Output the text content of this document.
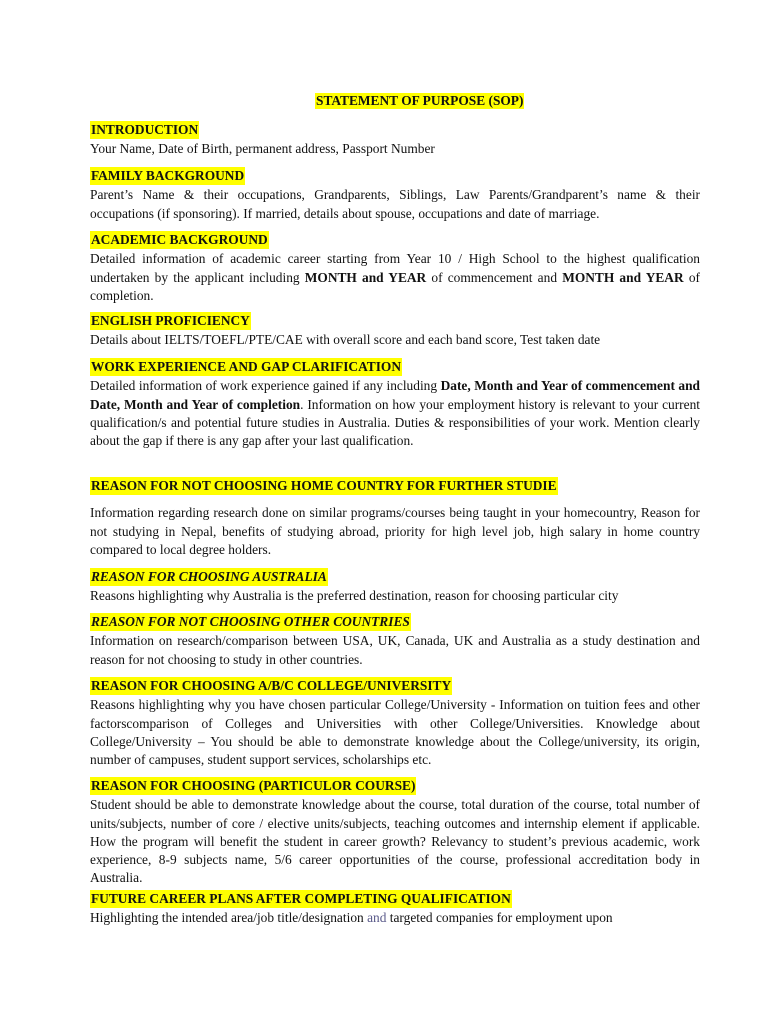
STATEMENT OF PURPOSE (SOP)
INTRODUCTION
Your Name, Date of Birth, permanent address, Passport Number
FAMILY BACKGROUND
Parent’s Name & their occupations, Grandparents, Siblings, Law Parents/Grandparent’s name & their occupations (if sponsoring). If married, details about spouse, occupations and date of marriage.
ACADEMIC BACKGROUND
Detailed information of academic career starting from Year 10 / High School to the highest qualification undertaken by the applicant including MONTH and YEAR of commencement and MONTH and YEAR of completion.
ENGLISH PROFICIENCY
Details about IELTS/TOEFL/PTE/CAE with overall score and each band score, Test taken date
WORK EXPERIENCE AND GAP CLARIFICATION
Detailed information of work experience gained if any including Date, Month and Year of commencement and Date, Month and Year of completion. Information on how your employment history is relevant to your current qualification/s and potential future studies in Australia. Duties & responsibilities of your work. Mention clearly about the gap if there is any gap after your last qualification.
REASON FOR NOT CHOOSING HOME COUNTRY FOR FURTHER STUDIE
Information regarding research done on similar programs/courses being taught in your homecountry, Reason for not studying in Nepal, benefits of studying abroad, priority for high level job, high salary in home country compared to local degree holders.
REASON FOR CHOOSING AUSTRALIA
Reasons highlighting why Australia is the preferred destination, reason for choosing particular city
REASON FOR NOT CHOOSING OTHER COUNTRIES
Information on research/comparison between USA, UK, Canada, UK and Australia as a study destination and reason for not choosing to study in other countries.
REASON FOR CHOOSING A/B/C COLLEGE/UNIVERSITY
Reasons highlighting why you have chosen particular College/University - Information on tuition fees and other factorscomparison of Colleges and Universities with other College/Universities. Knowledge about College/University – You should be able to demonstrate knowledge about the College/university, its origin, number of campuses, student support services, scholarships etc.
REASON FOR CHOOSING (PARTICULOR COURSE)
Student should be able to demonstrate knowledge about the course, total duration of the course, total number of units/subjects, number of core / elective units/subjects, teaching outcomes and internship element if applicable. How the program will benefit the student in career growth? Relevancy to student’s previous academic, work experience, 8-9 subjects name, 5/6 career opportunities of the course, professional accreditation body in Australia.
FUTURE CAREER PLANS AFTER COMPLETING QUALIFICATION
Highlighting the intended area/job title/designation and targeted companies for employment upon
